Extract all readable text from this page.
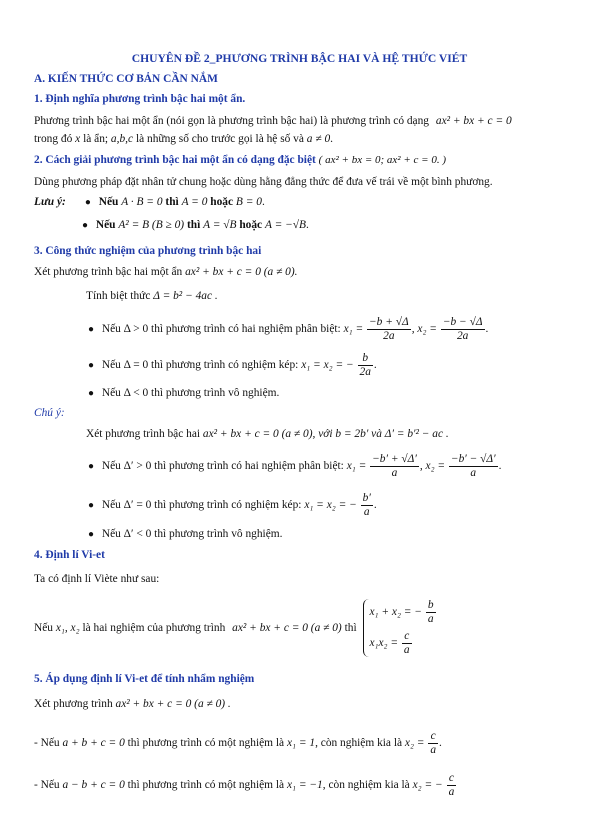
CHUYÊN ĐỀ 2_PHƯƠNG TRÌNH BẬC HAI VÀ HỆ THỨC VIÉT
A. KIẾN THỨC CƠ BẢN CẦN NẮM
1. Định nghĩa phương trình bậc hai một ẩn.
Phương trình bậc hai một ẩn (nói gọn là phương trình bậc hai) là phương trình có dạng ax² + bx + c = 0
trong đó x là ẩn; a,b,c là những số cho trước gọi là hệ số và a ≠ 0.
2. Cách giải phương trình bậc hai một ẩn có dạng đặc biệt ( ax² + bx = 0; ax² + c = 0. )
Dùng phương pháp đặt nhân tử chung hoặc dùng hằng đẳng thức để đưa vế trái về một bình phương.
Lưu ý: ● Nếu A · B = 0 thì A = 0 hoặc B = 0.
● Nếu A² = B (B ≥ 0) thì A = √B hoặc A = −√B.
3. Công thức nghiệm của phương trình bậc hai
Xét phương trình bậc hai một ẩn ax² + bx + c = 0 (a ≠ 0).
Tính biệt thức Δ = b² − 4ac .
● Nếu Δ > 0 thì phương trình có hai nghiệm phân biệt: $x_1 = \frac{-b + √\Delta}{2a}$ , $x_2 = \frac{-b - √\Delta}{2a}$ .
● Nếu Δ = 0 thì phương trình có nghiệm kép: x₁ = x₂ = − $\frac{b}{2a}$ .
● Nếu Δ < 0 thì phương trình vô nghiệm.
Chú ý:
Xét phương trình bậc hai ax² + bx + c = 0 (a ≠ 0), với b = 2b′ và Δ′ = b′² − ac .
● Nếu Δ′ > 0 thì phương trình có hai nghiệm phân biệt: $x_1 = \frac{-b' + √\Delta'}{a}$ , $x_2 = \frac{-b' - √\Delta'}{a}$ .
● Nếu Δ′ = 0 thì phương trình có nghiệm kép: x₁ = x₂ = − $\frac{b'}{a}$ .
● Nếu Δ′ < 0 thì phương trình vô nghiệm.
4. Định lí Vi-et
Ta có định lí Viète như sau:
Nếu x₁, x₂ là hai nghiệm của phương trình ax² + bx + c = 0 (a ≠ 0) thì
x₁ + x₂ = − $\frac{b}{a}$
$x_1x_2 = \frac{c}{a}$
5. Áp dụng định lí Vi-et để tính nhẩm nghiệm
Xét phương trình ax² + bx + c = 0 (a ≠ 0) .
- Nếu a + b + c = 0 thì phương trình có một nghiệm là x₁ = 1, còn nghiệm kia là $x_2 = \frac{c}{a}$ .
- Nếu a − b + c = 0 thì phương trình có một nghiệm là x₁ = −1, còn nghiệm kia là x₂ = − $\frac{c}{a}$
